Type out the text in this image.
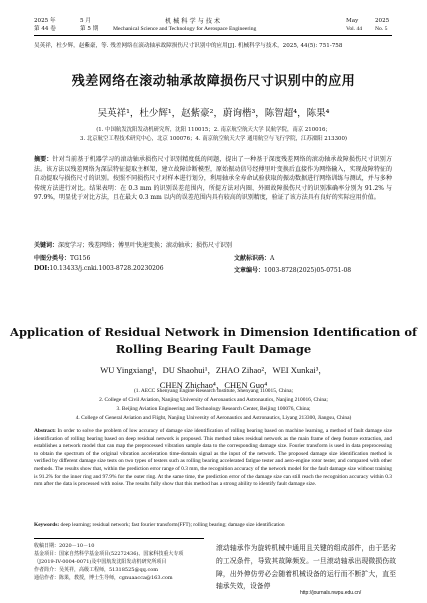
2025 年	5 月	机 械 科 学 与 技 术	May	2025
第 44 卷	第 5 期	Mechanical Science and Technology for Aerospace Engineering	Vol. 44 No. 5
吴英祥，杜少辉，赵紫豪，等. 残差网络在滚动轴承故障损伤尺寸识别中的应用[J]. 机械科学与技术，2025, 44(5): 751-758
残差网络在滚动轴承故障损伤尺寸识别中的应用
吴英祥¹，杜少辉¹，赵紫豪²，蔚询楷³，陈智超⁴，陈果⁴
(1. 中国航发沈阳发动机研究所，沈阳 110015；2. 南京航空航天大学 民航学院，南京 210016；
3. 北京航空工程技术研究中心，北京 100076；4. 南京航空航天大学 通用航空与飞行学院，江苏溧阳 213300)
摘要：针对当前基于机器学习的滚动轴承损伤尺寸识别精度低的问题，提出了一种基于深度残差网络的滚动轴承故障损伤尺寸识别方法。该方法以残差网络为深层特征提取主框架，建立故障诊断模型，原始振动信号经傅里叶变换后直接作为网络输入，实现故障特征的自动提取与损伤尺寸的识别。按照不同损伤尺寸对样本进行划分，利用轴承全寿命试验获取的振动数据进行网络训练与测试，并与多种传统方法进行对比。结果表明：在 0.3 mm 的识别误差范围内，所提方法对内圈、外圈故障损伤尺寸的识别准确率分别为 91.2% 与 97.9%，明显优于对比方法，且在最大 0.3 mm 以内的误差范围内具有较高的识别精度，验证了该方法具有良好的实际应用价值。
关键词：深度学习；残差网络；傅里叶快速变换；滚动轴承；损伤尺寸识别
中图分类号：TG156	文献标识码：A
DOI:10.13433/j.cnki.1003-8728.20230206	文章编号：1003-8728(2025)05-0751-08
Application of Residual Network in Dimension Identification of
Rolling Bearing Fault Damage
WU Yingxiang¹，DU Shaohui¹，ZHAO Zihao²，WEI Xunkai³，
CHEN Zhichao⁴，CHEN Guo⁴
(1. AECC Shenyang Engine Research Institute, Shenyang 110015, China;
2. College of Civil Aviation, Nanjing University of Aeronautics and Astronautics, Nanjing 210016, China;
3. Beijing Aviation Engineering and Technology Research Center, Beijing 100076, China;
4. College of General Aviation and Flight, Nanjing University of Aeronautics and Astronautics, Liyang 213300, Jiangsu, China)
Abstract: In order to solve the problem of low accuracy of damage size identification of rolling bearing based on machine learning, a method of fault damage size identification of rolling bearing based on deep residual network is proposed. This method takes residual network as the main frame of deep feature extraction, and establishes a network model that can map the preprocessed vibration sample data to the corresponding damage size. Fourier transform is used in data preprocessing to obtain the spectrum of the original vibration acceleration time-domain signal as the input of the network. The proposed damage size identification method is verified by different damage size tests on two types of testers such as rolling bearing accelerated fatigue tester and aero-engine rotor tester, and compared with other methods. The results show that, within the prediction error range of 0.3 mm, the recognition accuracy of the network model for the fault damage size without training is 91.2% for the inner ring and 97.9% for the outer ring. At the same time, the prediction error of the damage size can still reach the recognition accuracy within 0.3 mm after the data is processed with noise. The results fully show that this method has a strong ability to identify fault damage size.
Keywords: deep learning; residual network; fast fourier transform(FFT); rolling bearing; damage size identification
收稿日期：2020－10－10
基金项目：国家自然科学基金项目(52272436)、国家科技重大专项
（J2019-IV-0004-0071)及中国航发沈阳发动机研究所项目
作者简介：吴英祥，高级工程师，51318525@qq.com
通信作者：陈果，教授，博士生导师，cgnuaacca@163.com
滚动轴承作为旋转机械中通用且关键的组成部件，由于恶劣的工况条件，导致其故障频发。一旦滚动轴承出现微损伤故障，出外伸仿劳必会随着机械设备的运行而不断扩大，直至轴承失效，设备停
http://journals.nwpu.edu.cn/
